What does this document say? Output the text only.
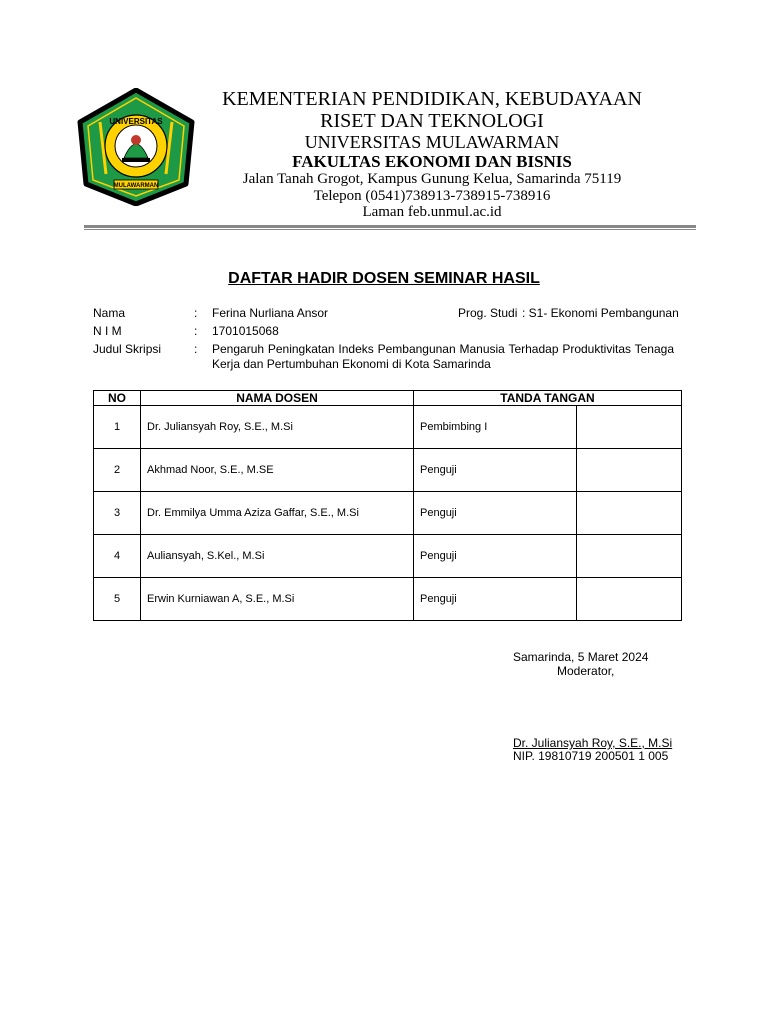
UNIVERSITAS
MULAWARMAN
KEMENTERIAN PENDIDIKAN, KEBUDAYAAN
RISET DAN TEKNOLOGI
UNIVERSITAS MULAWARMAN
FAKULTAS EKONOMI DAN BISNIS
Jalan Tanah Grogot, Kampus Gunung Kelua, Samarinda 75119
Telepon (0541)738913-738915-738916
Laman feb.unmul.ac.id
DAFTAR HADIR DOSEN SEMINAR HASIL
Nama	: Ferina Nurliana Ansor	Prog. Studi : S1- Ekonomi Pembangunan
N I M	: 1701015068
Judul Skripsi	: Pengaruh Peningkatan Indeks Pembangunan Manusia Terhadap Produktivitas Tenaga Kerja dan Pertumbuhan Ekonomi di Kota Samarinda
NO	NAMA DOSEN	TANDA TANGAN	
1	Dr. Juliansyah Roy, S.E., M.Si	Pembimbing I	
2	Akhmad Noor, S.E., M.SE	Penguji	
3	Dr. Emmilya Umma Aziza Gaffar, S.E., M.Si	Penguji	
4	Auliansyah, S.Kel., M.Si	Penguji	
5	Erwin Kurniawan A, S.E., M.Si	Penguji	
Samarinda, 5 Maret 2024
Moderator,
Dr. Juliansyah Roy, S.E., M.Si
NIP. 19810719 200501 1 005
